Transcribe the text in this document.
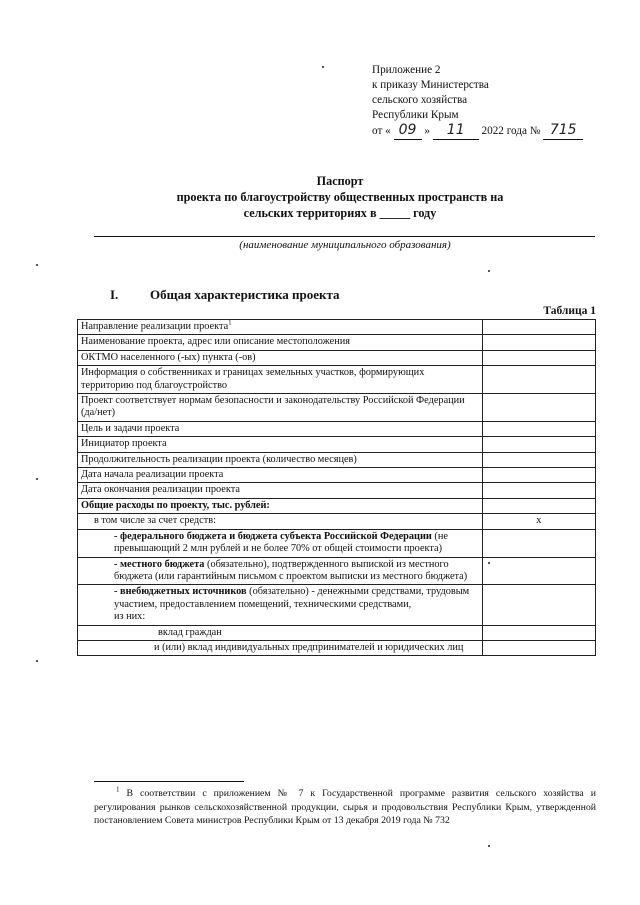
Приложение 2
к приказу Министерства
сельского хозяйства
Республики Крым
от « 09 » 11 2022 года № 715
Паспорт
проекта по благоустройству общественных пространств на
сельских территориях в _____ году
(наименование муниципального образования)
I. Общая характеристика проекта
Таблица 1
Направление реализации проекта$^1$	
Наименование проекта, адрес или описание местоположения	
ОКТМО населенного (-ых) пункта (-ов)	
Информация о собственниках и границах земельных участков, формирующих территорию под благоустройство	
Проект соответствует нормам безопасности и законодательству Российской Федерации (да/нет)	
Цель и задачи проекта	
Инициатор проекта	
Продолжительность реализации проекта (количество месяцев)	
Дата начала реализации проекта	
Дата окончания реализации проекта	
Общие расходы по проекту, тыс. рублей:	
в том числе за счет средств:	х
- федерального бюджета и бюджета субъекта Российской Федерации (не превышающий 2 млн рублей и не более 70% от общей стоимости проекта)	
- местного бюджета (обязательно), подтвержденного выпиской из местного бюджета (или гарантийным письмом с проектом выписки из местного бюджета)	
- внебюджетных источников (обязательно) - денежными средствами, трудовым участием, предоставлением помещений, техническими средствами,
из них:	
вклад граждан	
и (или) вклад индивидуальных предпринимателей и юридических лиц	
$^1$ В соответствии с приложением № 7 к Государственной программе развития сельского хозяйства и регулирования рынков сельскохозяйственной продукции, сырья и продовольствия Республики Крым, утвержденной постановлением Совета министров Республики Крым от 13 декабря 2019 года № 732
